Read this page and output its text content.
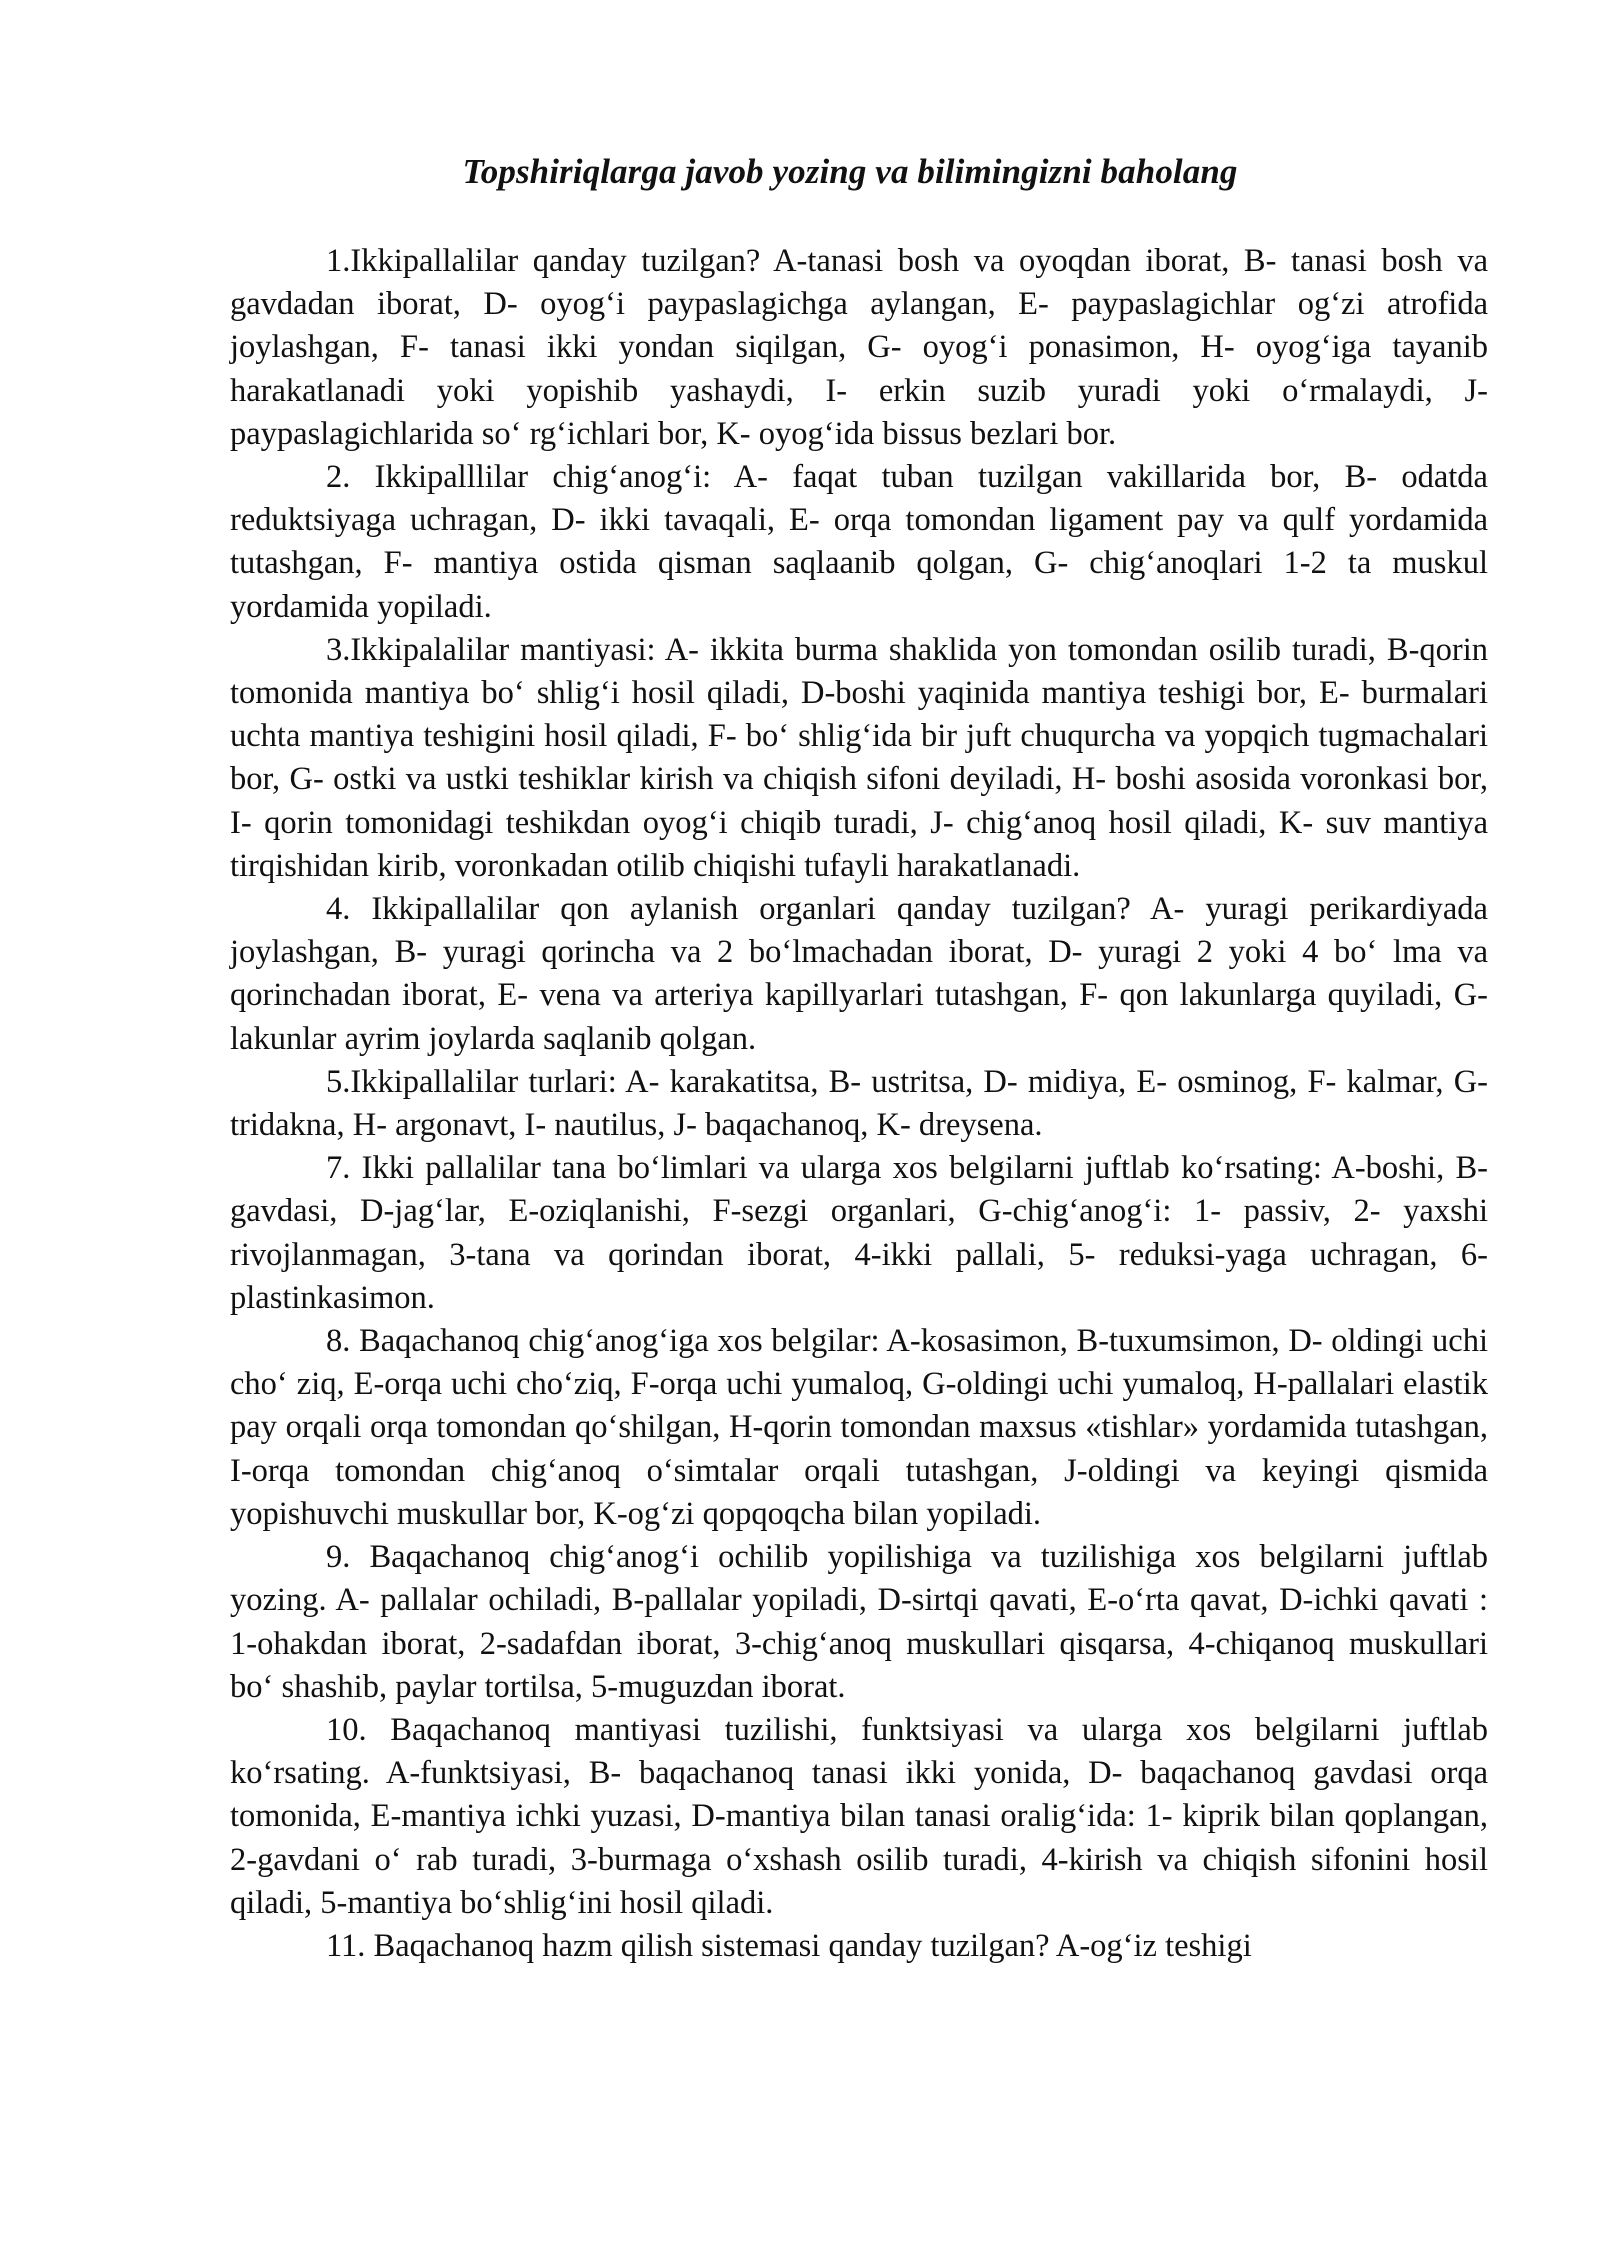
Topshiriqlarga javob yozing va bilimingizni baholang

1.Ikkipallalilar qanday tuzilgan? A-tanasi bosh va oyoqdan iborat, B- tanasi bosh va gavdadan iborat, D- oyog‘i paypaslagichga aylangan, E- paypaslagichlar og‘zi atrofida joylashgan, F- tanasi ikki yondan siqilgan, G- oyog‘i ponasimon, H- oyog‘iga tayanib harakatlanadi yoki yopishib yashaydi, I- erkin suzib yuradi yoki o‘rmalaydi, J- paypaslagichlarida so‘ rg‘ichlari bor, K- oyog‘ida bissus bezlari bor.

2. Ikkipalllilar chig‘anog‘i: A- faqat tuban tuzilgan vakillarida bor, B- odatda reduktsiyaga uchragan, D- ikki tavaqali, E- orqa tomondan ligament pay va qulf yordamida tutashgan, F- mantiya ostida qisman saqlaanib qolgan, G- chig‘anoqlari 1-2 ta muskul yordamida yopiladi.

3.Ikkipalalilar mantiyasi: A- ikkita burma shaklida yon tomondan osilib turadi, B-qorin tomonida mantiya bo‘ shlig‘i hosil qiladi, D-boshi yaqinida mantiya teshigi bor, E- burmalari uchta mantiya teshigini hosil qiladi, F- bo‘ shlig‘ida bir juft chuqurcha va yopqich tugmachalari bor, G- ostki va ustki teshiklar kirish va chiqish sifoni deyiladi, H- boshi asosida voronkasi bor, I- qorin tomonidagi teshikdan oyog‘i chiqib turadi, J- chig‘anoq hosil qiladi, K- suv mantiya tirqishidan kirib, voronkadan otilib chiqishi tufayli harakatlanadi.

4. Ikkipallalilar qon aylanish organlari qanday tuzilgan? A- yuragi perikardiyada joylashgan, B- yuragi qorincha va 2 bo‘lmachadan iborat, D- yuragi 2 yoki 4 bo‘ lma va qorinchadan iborat, E- vena va arteriya kapillyarlari tutashgan, F- qon lakunlarga quyiladi, G-lakunlar ayrim joylarda saqlanib qolgan.

5.Ikkipallalilar turlari: A- karakatitsa, B- ustritsa, D- midiya, E- osminog, F- kalmar, G- tridakna, H- argonavt, I- nautilus, J- baqachanoq, K- dreysena.

7. Ikki pallalilar tana bo‘limlari va ularga xos belgilarni juftlab ko‘rsating: A-boshi, B-gavdasi, D-jag‘lar, E-oziqlanishi, F-sezgi organlari, G-chig‘anog‘i: 1- passiv, 2- yaxshi rivojlanmagan, 3-tana va qorindan iborat, 4-ikki pallali, 5- reduksi-yaga uchragan, 6-plastinkasimon.

8. Baqachanoq chig‘anog‘iga xos belgilar: A-kosasimon, B-tuxumsimon, D- oldingi uchi cho‘ ziq, E-orqa uchi cho‘ziq, F-orqa uchi yumaloq, G-oldingi uchi yumaloq, H-pallalari elastik pay orqali orqa tomondan qo‘shilgan, H-qorin tomondan maxsus «tishlar» yordamida tutashgan, I-orqa tomondan chig‘anoq o‘simtalar orqali tutashgan, J-oldingi va keyingi qismida yopishuvchi muskullar bor, K-og‘zi qopqoqcha bilan yopiladi.

9. Baqachanoq chig‘anog‘i ochilib yopilishiga va tuzilishiga xos belgilarni juftlab yozing. A- pallalar ochiladi, B-pallalar yopiladi, D-sirtqi qavati, E-o‘rta qavat, D-ichki qavati : 1-ohakdan iborat, 2-sadafdan iborat, 3-chig‘anoq muskullari qisqarsa, 4-chiqanoq muskullari bo‘ shashib, paylar tortilsa, 5-muguzdan iborat.

10. Baqachanoq mantiyasi tuzilishi, funktsiyasi va ularga xos belgilarni juftlab ko‘rsating. A-funktsiyasi, B- baqachanoq tanasi ikki yonida, D- baqachanoq gavdasi orqa tomonida, E-mantiya ichki yuzasi, D-mantiya bilan tanasi oralig‘ida: 1- kiprik bilan qoplangan, 2-gavdani o‘ rab turadi, 3-burmaga o‘xshash osilib turadi, 4-kirish va chiqish sifonini hosil qiladi, 5-mantiya bo‘shlig‘ini hosil qiladi.

11. Baqachanoq hazm qilish sistemasi qanday tuzilgan? A-og‘iz teshigi
